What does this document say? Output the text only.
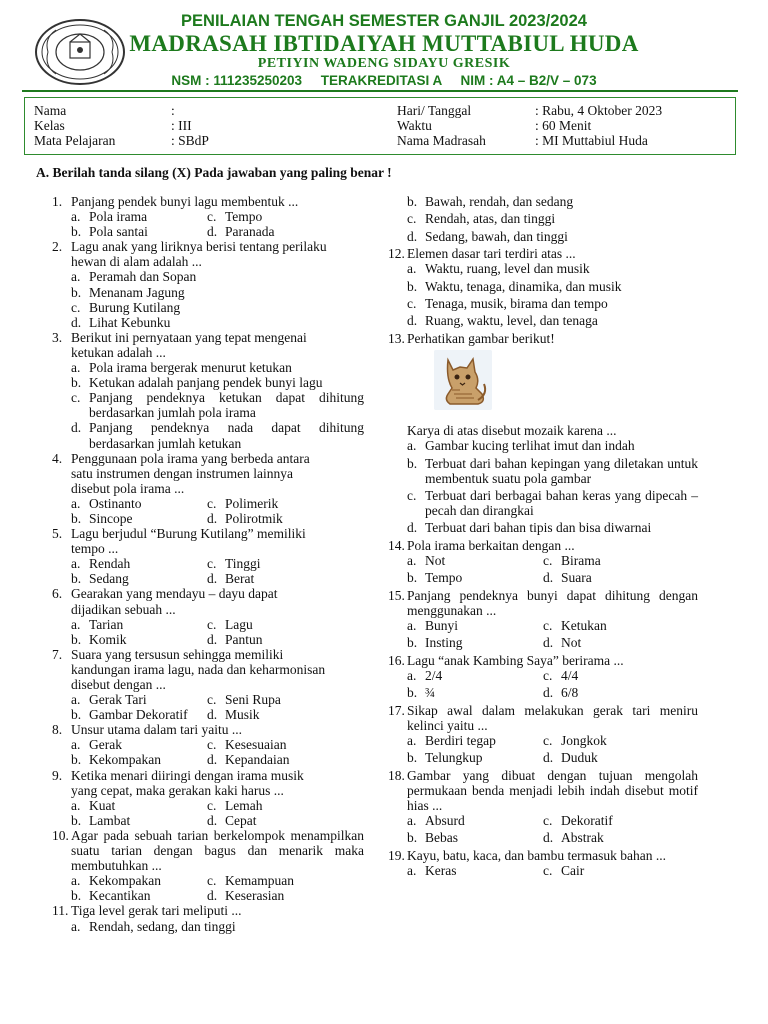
PENILAIAN TENGAH SEMESTER GANJIL 2023/2024
MADRASAH IBTIDAIYAH MUTTABIUL HUDA
PETIYIN WADENG SIDAYU GRESIK
NSM : 111235250203     TERAKREDITASI A     NIM : A4 – B2/V – 073
Nama	:	Hari/ Tanggal	: Rabu, 4 Oktober 2023
Kelas	: III	Waktu	: 60 Menit
Mata Pelajaran	: SBdP	Nama Madrasah	: MI Muttabiul Huda

A. Berilah tanda silang (X) Pada jawaban yang paling benar !

1. Panjang pendek bunyi lagu membentuk ...
a. Pola irama	c. Tempo
b. Pola santai	d. Paranada
2. Lagu anak yang liriknya berisi tentang perilaku
hewan di alam adalah ...
a. Peramah dan Sopan
b. Menanam Jagung
c. Burung Kutilang
d. Lihat Kebunku
3. Berikut ini pernyataan yang tepat mengenai
ketukan adalah ...
a. Pola irama bergerak menurut ketukan
b. Ketukan adalah panjang pendek bunyi lagu
c. Panjang pendeknya ketukan dapat dihitung berdasarkan jumlah pola irama
d. Panjang pendeknya nada dapat dihitung berdasarkan jumlah ketukan
4. Penggunaan pola irama yang berbeda antara
satu instrumen dengan instrumen lainnya
disebut pola irama ...
a. Ostinanto	c. Polimerik
b. Sincope	d. Polirotmik
5. Lagu berjudul “Burung Kutilang” memiliki
tempo ...
a. Rendah	c. Tinggi
b. Sedang	d. Berat
6. Gearakan yang mendayu – dayu dapat
dijadikan sebuah ...
a. Tarian	c. Lagu
b. Komik	d. Pantun
7. Suara yang tersusun sehingga memiliki
kandungan irama lagu, nada dan keharmonisan
disebut dengan ...
a. Gerak Tari	c. Seni Rupa
b. Gambar Dekoratif d. Musik
8. Unsur utama dalam tari yaitu ...
a. Gerak	c. Kesesuaian
b. Kekompakan	d. Kepandaian
9. Ketika menari diiringi dengan irama musik
yang cepat, maka gerakan kaki harus ...
a. Kuat	c. Lemah
b. Lambat	d. Cepat
10. Agar pada sebuah tarian berkelompok menampilkan suatu tarian dengan bagus dan menarik maka membutuhkan ...
a. Kekompakan	c. Kemampuan
b. Kecantikan	d. Keserasian
11. Tiga level gerak tari meliputi ...
a. Rendah, sedang, dan tinggi
b. Bawah, rendah, dan sedang
c. Rendah, atas, dan tinggi
d. Sedang, bawah, dan tinggi
12. Elemen dasar tari terdiri atas ...
a. Waktu, ruang, level dan musik
b. Waktu, tenaga, dinamika, dan musik
c. Tenaga, musik, birama dan tempo
d. Ruang, waktu, level, dan tenaga
13. Perhatikan gambar berikut!
Karya di atas disebut mozaik karena ...
a. Gambar kucing terlihat imut dan indah
b. Terbuat dari bahan kepingan yang diletakan untuk membentuk suatu pola gambar
c. Terbuat dari berbagai bahan keras yang dipecah – pecah dan dirangkai
d. Terbuat dari bahan tipis dan bisa diwarnai
14. Pola irama berkaitan dengan ...
a. Not	c. Birama
b. Tempo	d. Suara
15. Panjang pendeknya bunyi dapat dihitung dengan menggunakan ...
a. Bunyi	c. Ketukan
b. Insting	d. Not
16. Lagu “anak Kambing Saya” berirama ...
a. 2/4	c. 4/4
b. ¾	d. 6/8
17. Sikap awal dalam melakukan gerak tari meniru kelinci yaitu ...
a. Berdiri tegap	c. Jongkok
b. Telungkup	d. Duduk
18. Gambar yang dibuat dengan tujuan mengolah permukaan benda menjadi lebih indah disebut motif hias ...
a. Absurd	c. Dekoratif
b. Bebas	d. Abstrak
19. Kayu, batu, kaca, dan bambu termasuk bahan ...
a. Keras	c. Cair
